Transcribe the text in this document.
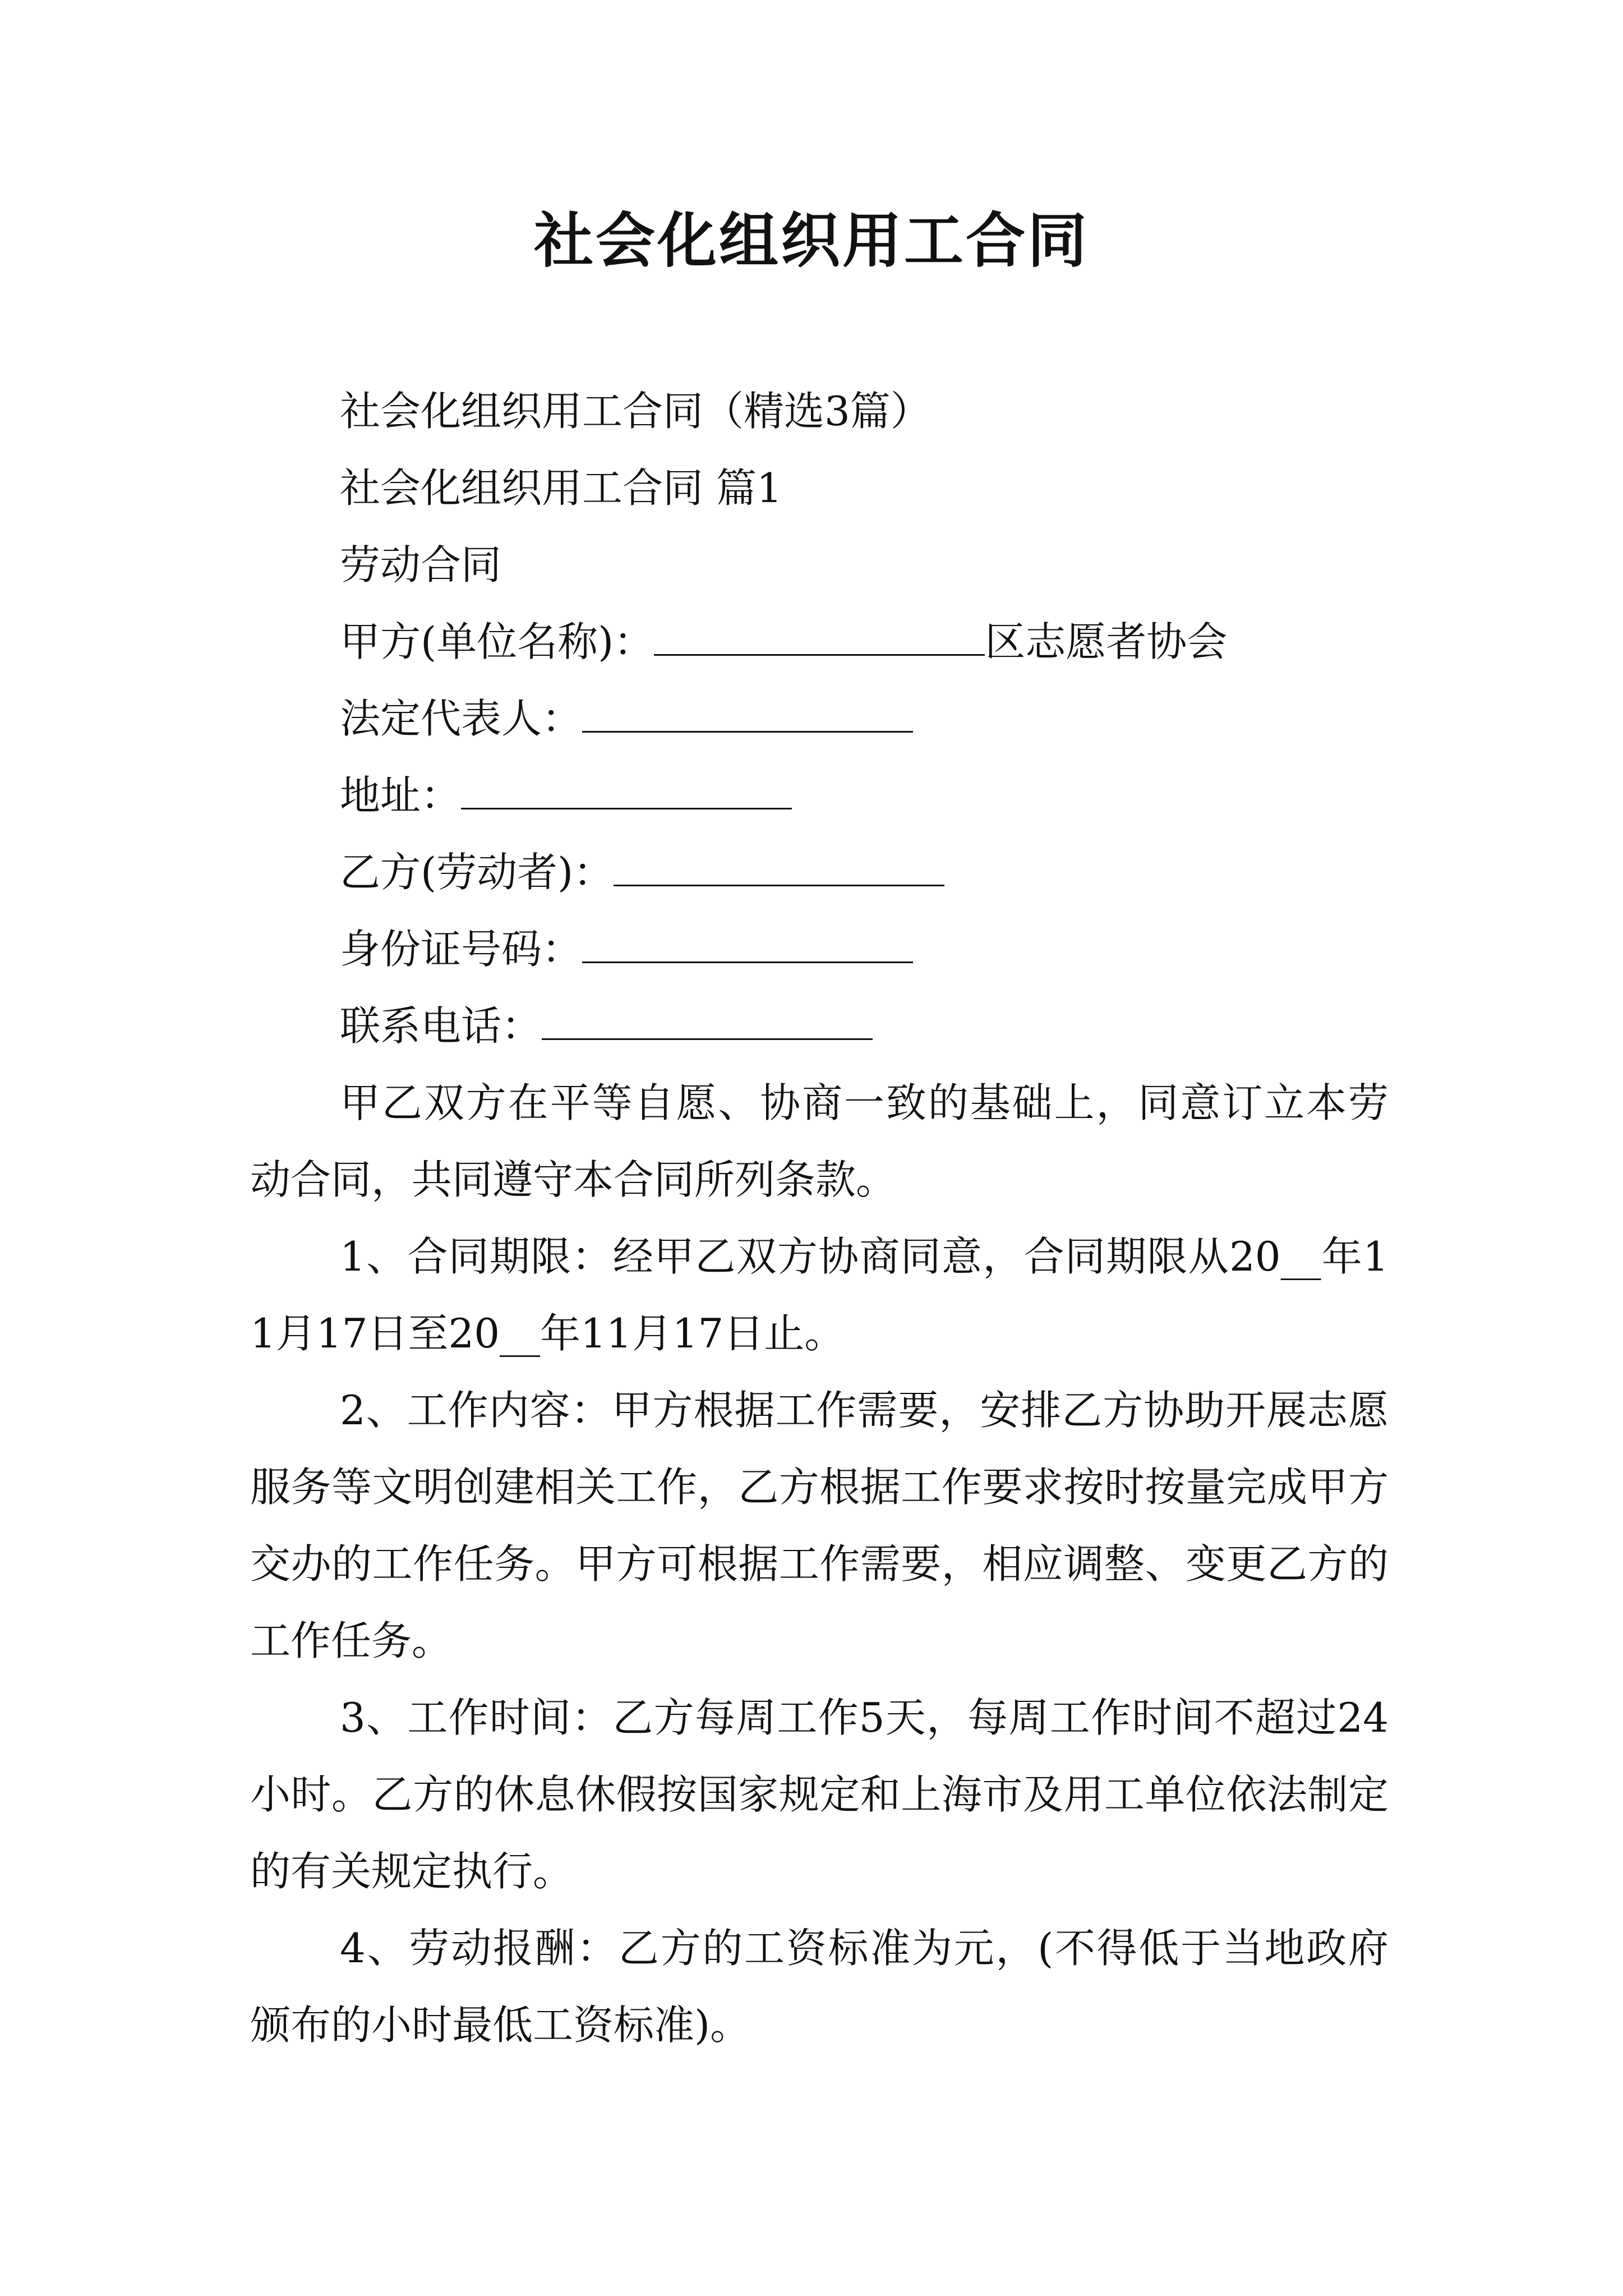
社会化组织用工合同
社会化组织用工合同（精选3篇）
社会化组织用工合同 篇1
劳动合同
甲方(单位名称)：	区志愿者协会
法定代表人：
地址：
乙方(劳动者)：
身份证号码：
联系电话：
甲乙双方在平等自愿、协商一致的基础上，同意订立本劳动合同，共同遵守本合同所列条款。
1、合同期限：经甲乙双方协商同意，合同期限从20__年11月17日至20__年11月17日止。
2、工作内容：甲方根据工作需要，安排乙方协助开展志愿服务等文明创建相关工作，乙方根据工作要求按时按量完成甲方交办的工作任务。甲方可根据工作需要，相应调整、变更乙方的工作任务。
3、工作时间：乙方每周工作5天，每周工作时间不超过24小时。乙方的休息休假按国家规定和上海市及用工单位依法制定的有关规定执行。
4、劳动报酬：乙方的工资标准为元，(不得低于当地政府颁布的小时最低工资标准)。
